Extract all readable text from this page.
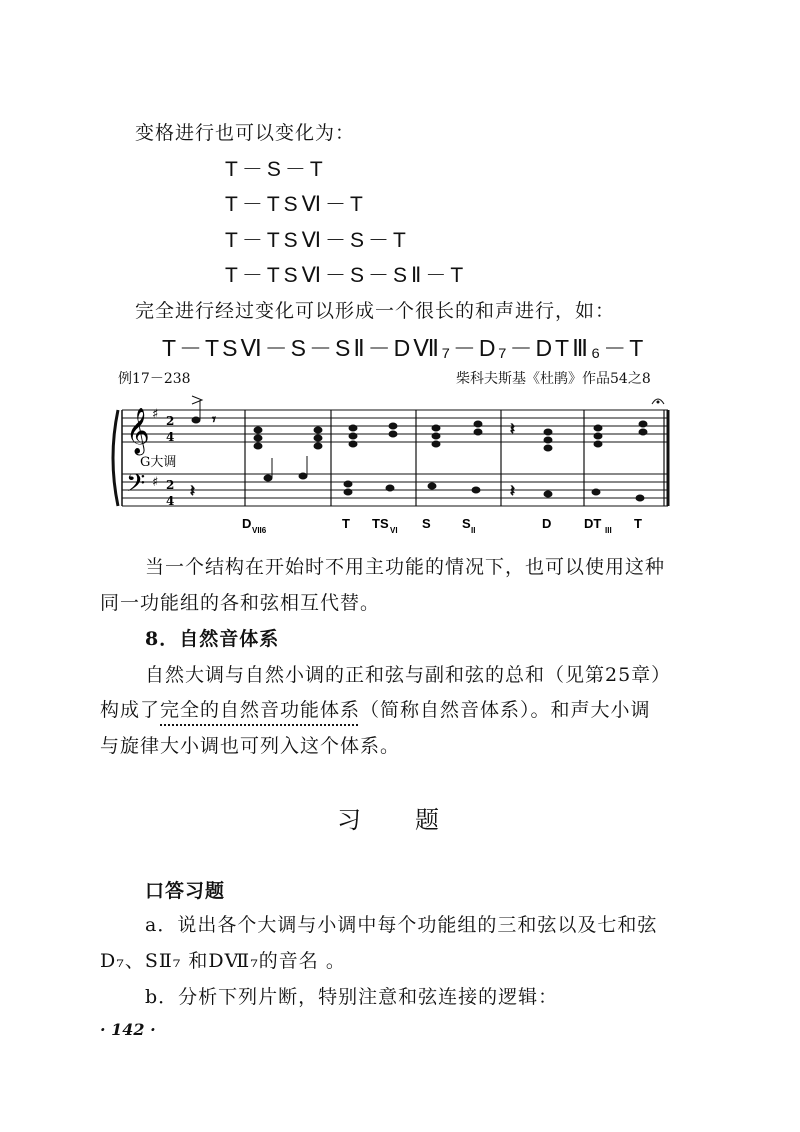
变格进行也可以变化为：
T－S－T
T－TSⅥ－T
T－TSⅥ－S－T
T－TSⅥ－S－SⅡ－T
完全进行经过变化可以形成一个很长的和声进行，如：
T－TSⅥ－S－SⅡ－DⅦ₇－D₇－DTⅢ₆－T
例17－238	柴科夫斯基《杜鹃》作品54之8
𝄞
𝄢
♯
♯
2
4
2
4
G大调
𝄾	𝄽
𝄽	𝄽
D VII6	T TS VI S S II	D	DT III T
当一个结构在开始时不用主功能的情况下，也可以使用这种
同一功能组的各和弦相互代替。
8．自然音体系
自然大调与自然小调的正和弦与副和弦的总和（见第25章）
构成了完全的自然音功能体系（简称自然音体系）。和声大小调
与旋律大小调也可列入这个体系。
习　　题
口答习题
a．说出各个大调与小调中每个功能组的三和弦以及七和弦
D₇、SⅡ₇ 和DⅦ₇的音名 。
b．分析下列片断，特别注意和弦连接的逻辑：
· 142 ·
